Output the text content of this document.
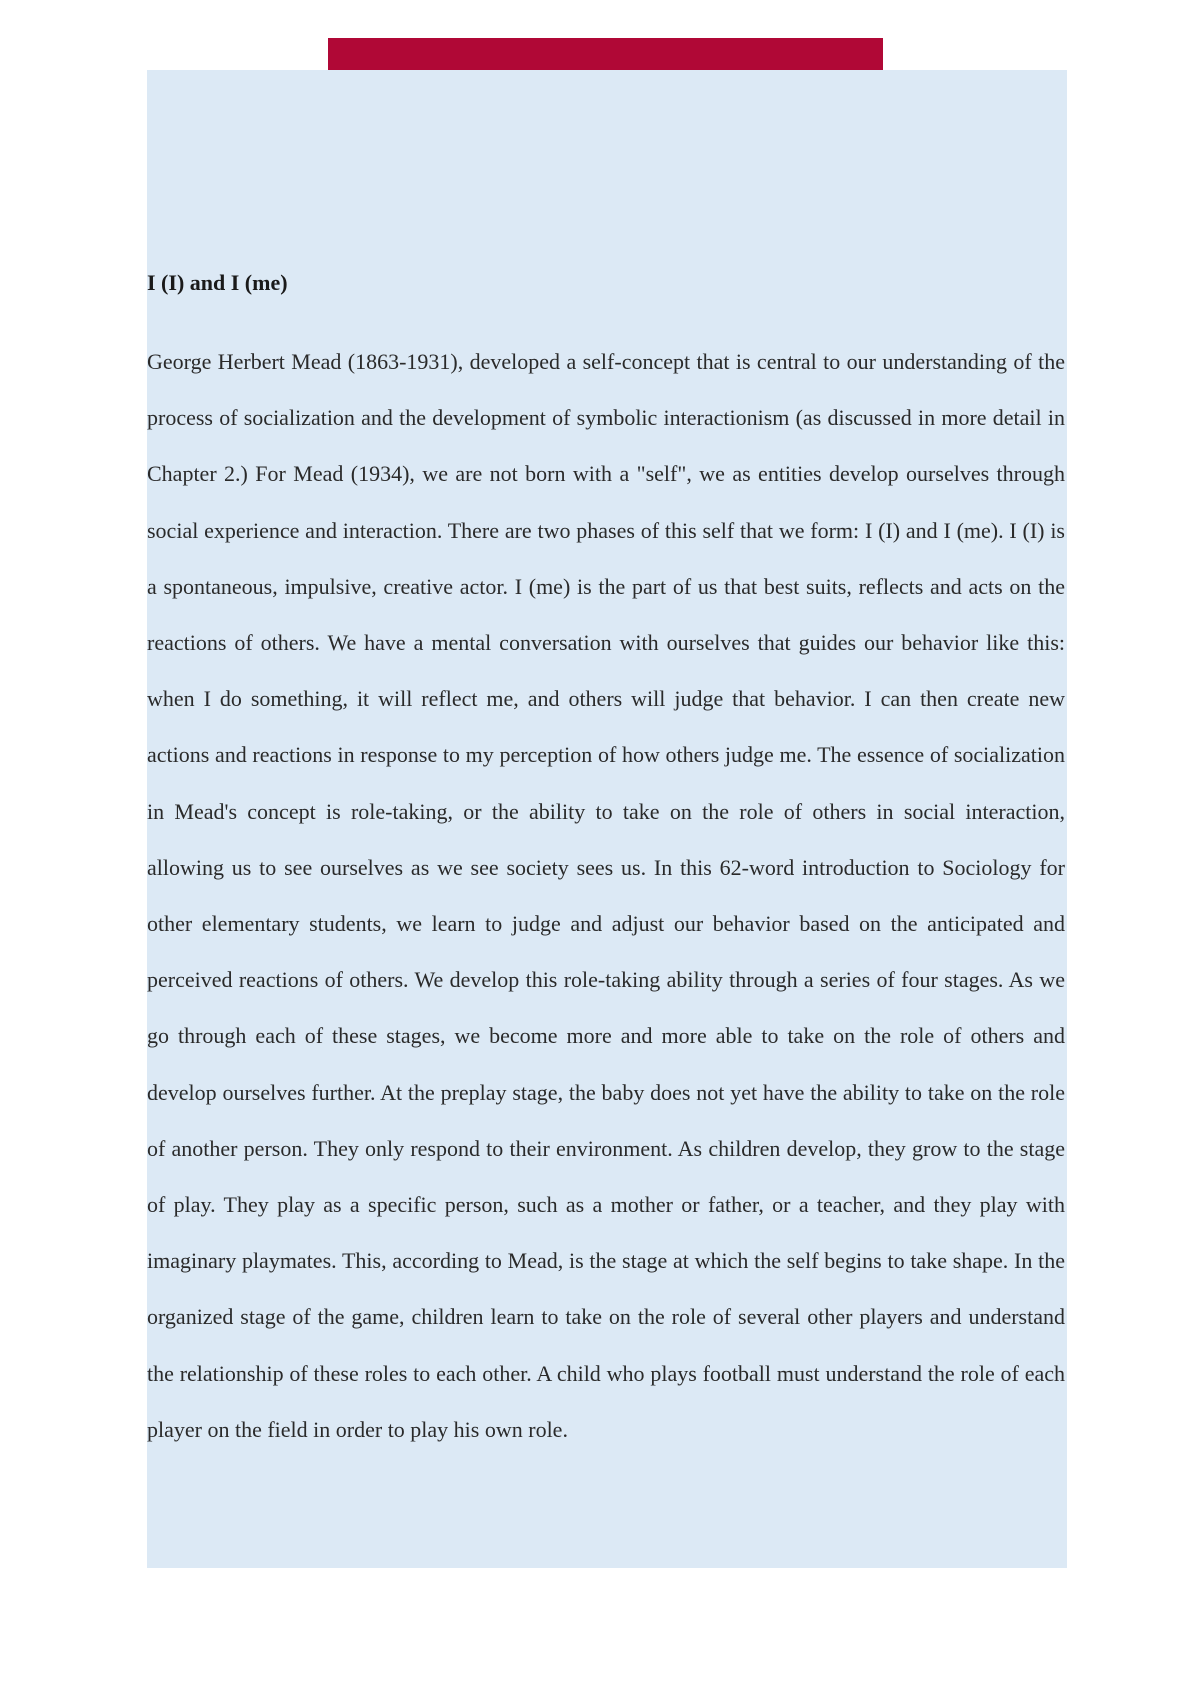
I (I) and I (me)

George Herbert Mead (1863-1931), developed a self-concept that is central to our understanding of the process of socialization and the development of symbolic interactionism (as discussed in more detail in Chapter 2.) For Mead (1934), we are not born with a "self", we as entities develop ourselves through social experience and interaction. There are two phases of this self that we form: I (I) and I (me). I (I) is a spontaneous, impulsive, creative actor. I (me) is the part of us that best suits, reflects and acts on the reactions of others. We have a mental conversation with ourselves that guides our behavior like this: when I do something, it will reflect me, and others will judge that behavior. I can then create new actions and reactions in response to my perception of how others judge me. The essence of socialization in Mead's concept is role-taking, or the ability to take on the role of others in social interaction, allowing us to see ourselves as we see society sees us. In this 62-word introduction to Sociology for other elementary students, we learn to judge and adjust our behavior based on the anticipated and perceived reactions of others. We develop this role-taking ability through a series of four stages. As we go through each of these stages, we become more and more able to take on the role of others and develop ourselves further. At the preplay stage, the baby does not yet have the ability to take on the role of another person. They only respond to their environment. As children develop, they grow to the stage of play. They play as a specific person, such as a mother or father, or a teacher, and they play with imaginary playmates. This, according to Mead, is the stage at which the self begins to take shape. In the organized stage of the game, children learn to take on the role of several other players and understand the relationship of these roles to each other. A child who plays football must understand the role of each player on the field in order to play his own role.
